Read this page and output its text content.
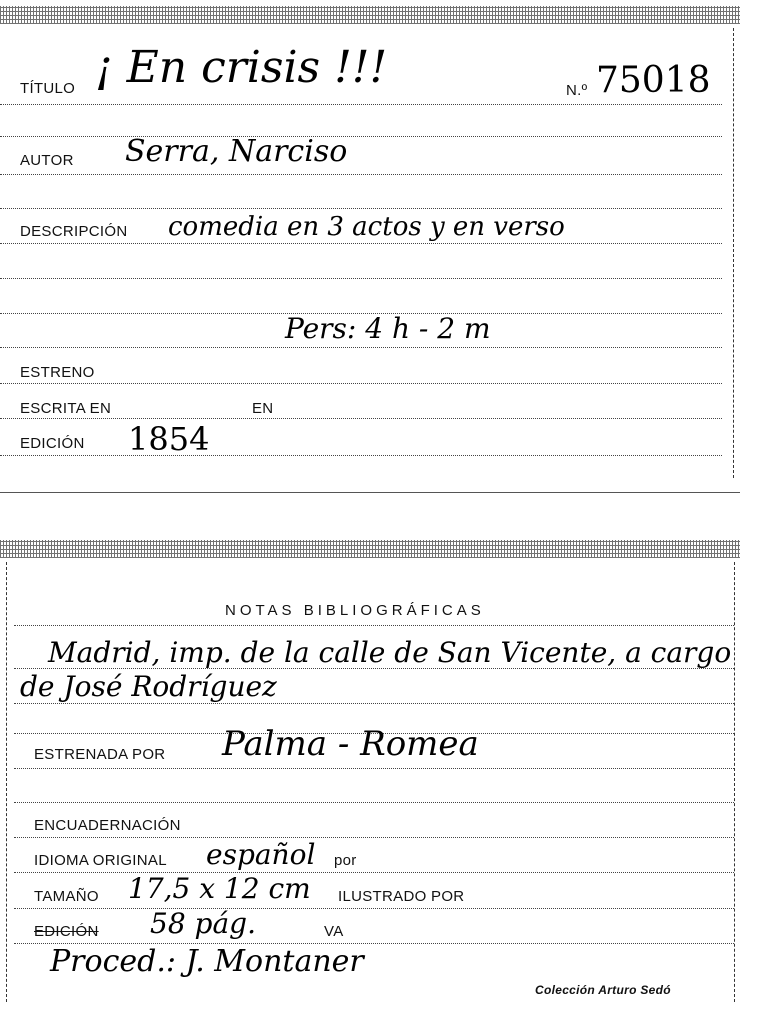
TÍTULO ¡ En crisis !!!	N.º 75018
AUTOR Serra, Narciso
DESCRIPCIÓN comedia en 3 actos y en verso
Pers: 4 h - 2 m
ESTRENO
ESCRITA EN	EN
EDICIÓN 1854
NOTAS BIBLIOGRÁFICAS
Madrid, imp. de la calle de San Vicente, a cargo
de José Rodríguez
ESTRENADA POR Palma - Romea
ENCUADERNACIÓN
IDIOMA ORIGINAL español por
TAMAÑO 17,5 x 12 cm ILUSTRADO POR
EDICIÓN 58 pág.	VA
Proced.: J. Montaner
Colección Arturo Sedó
